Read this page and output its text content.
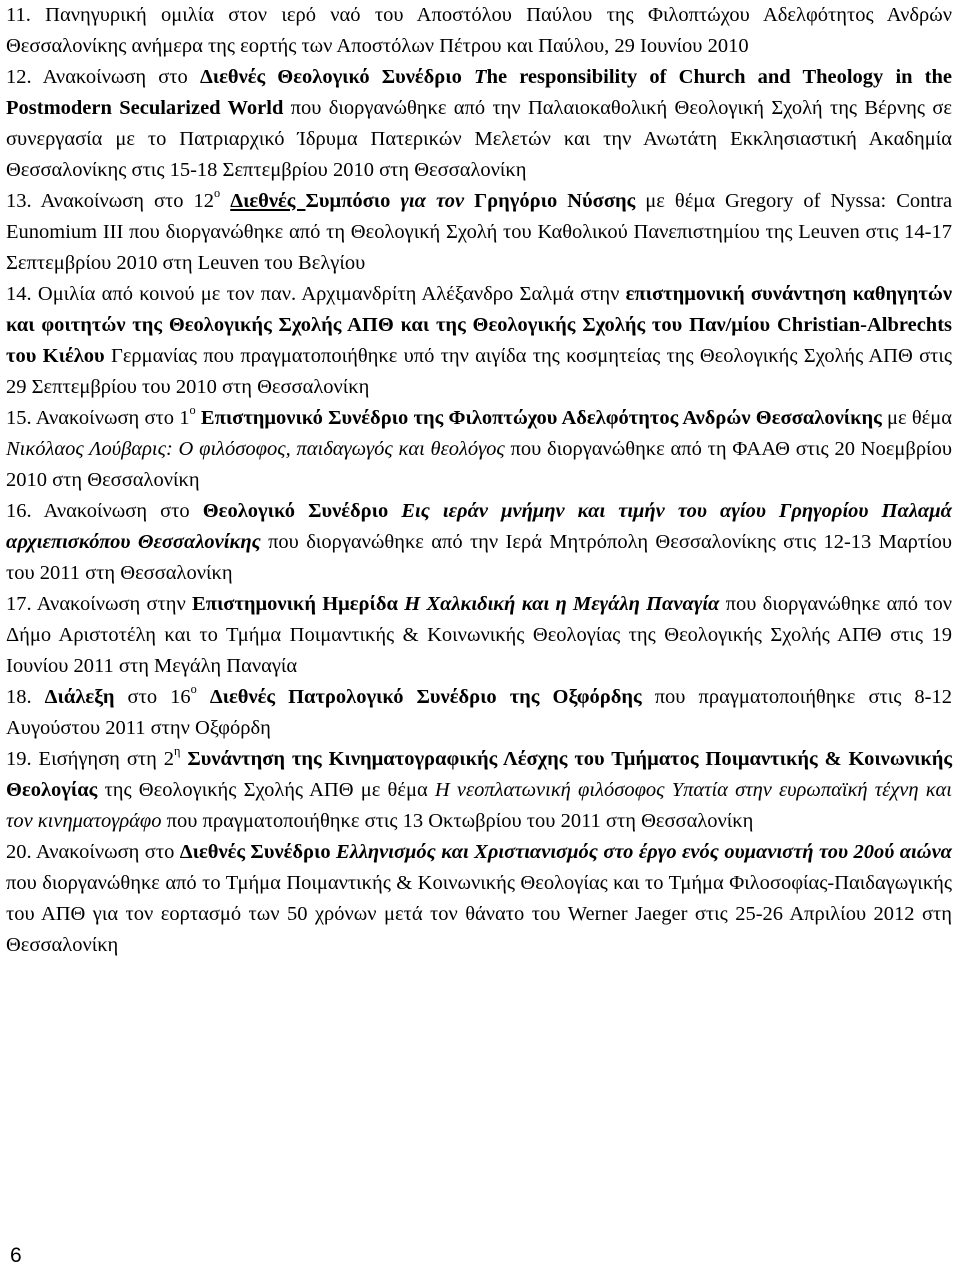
11. Πανηγυρική ομιλία στον ιερό ναό του Αποστόλου Παύλου της Φιλοπτώχου Αδελφότητος Ανδρών Θεσσαλονίκης ανήμερα της εορτής των Αποστόλων Πέτρου και Παύλου, 29 Ιουνίου 2010

12. Ανακοίνωση στο Διεθνές Θεολογικό Συνέδριο The responsibility of Church and Theology in the Postmodern Secularized World που διοργανώθηκε από την Παλαιοκαθολική Θεολογική Σχολή της Βέρνης σε συνεργασία με το Πατριαρχικό Ίδρυμα Πατερικών Μελετών και την Ανωτάτη Εκκλησιαστική Ακαδημία Θεσσαλονίκης στις 15-18 Σεπτεμβρίου 2010 στη Θεσσαλονίκη

13. Ανακοίνωση στο $12^o$ Διεθνές Συμπόσιο για τον Γρηγόριο Νύσσης με θέμα Gregory of Nyssa: Contra Eunomium III που διοργανώθηκε από τη Θεολογική Σχολή του Καθολικού Πανεπιστημίου της Leuven στις 14-17 Σεπτεμβρίου 2010 στη Leuven του Βελγίου

14. Ομιλία από κοινού με τον παν. Αρχιμανδρίτη Αλέξανδρο Σαλμά στην επιστημονική συνάντηση καθηγητών και φοιτητών της Θεολογικής Σχολής ΑΠΘ και της Θεολογικής Σχολής του Παν/μίου Christian-Albrechts του Κιέλου Γερμανίας που πραγματοποιήθηκε υπό την αιγίδα της κοσμητείας της Θεολογικής Σχολής ΑΠΘ στις 29 Σεπτεμβρίου του 2010 στη Θεσσαλονίκη

15. Ανακοίνωση στο $1^o$ Επιστημονικό Συνέδριο της Φιλοπτώχου Αδελφότητος Ανδρών Θεσσαλονίκης με θέμα Νικόλαος Λούβαρις: Ο φιλόσοφος, παιδαγωγός και θεολόγος που διοργανώθηκε από τη ΦΑΑΘ στις 20 Νοεμβρίου 2010 στη Θεσσαλονίκη

16. Ανακοίνωση στο Θεολογικό Συνέδριο Εις ιεράν μνήμην και τιμήν του αγίου Γρηγορίου Παλαμά αρχιεπισκόπου Θεσσαλονίκης που διοργανώθηκε από την Ιερά Μητρόπολη Θεσσαλονίκης στις 12-13 Μαρτίου του 2011 στη Θεσσαλονίκη

17. Ανακοίνωση στην Επιστημονική Ημερίδα Η Χαλκιδική και η Μεγάλη Παναγία που διοργανώθηκε από τον Δήμο Αριστοτέλη και το Τμήμα Ποιμαντικής & Κοινωνικής Θεολογίας της Θεολογικής Σχολής ΑΠΘ στις 19 Ιουνίου 2011 στη Μεγάλη Παναγία

18. Διάλεξη στο $16^o$ Διεθνές Πατρολογικό Συνέδριο της Οξφόρδης που πραγματοποιήθηκε στις 8-12 Αυγούστου 2011 στην Οξφόρδη

19. Εισήγηση στη $2^\eta$ Συνάντηση της Κινηματογραφικής Λέσχης του Τμήματος Ποιμαντικής & Κοινωνικής Θεολογίας της Θεολογικής Σχολής ΑΠΘ με θέμα Η νεοπλατωνική φιλόσοφος Υπατία στην ευρωπαϊκή τέχνη και τον κινηματογράφο που πραγματοποιήθηκε στις 13 Οκτωβρίου του 2011 στη Θεσσαλονίκη

20. Ανακοίνωση στο Διεθνές Συνέδριο Ελληνισμός και Χριστιανισμός στο έργο ενός ουμανιστή του 20ού αιώνα που διοργανώθηκε από το Τμήμα Ποιμαντικής & Κοινωνικής Θεολογίας και το Τμήμα Φιλοσοφίας-Παιδαγωγικής του ΑΠΘ για τον εορτασμό των 50 χρόνων μετά τον θάνατο του Werner Jaeger στις 25-26 Απριλίου 2012 στη Θεσσαλονίκη

6
